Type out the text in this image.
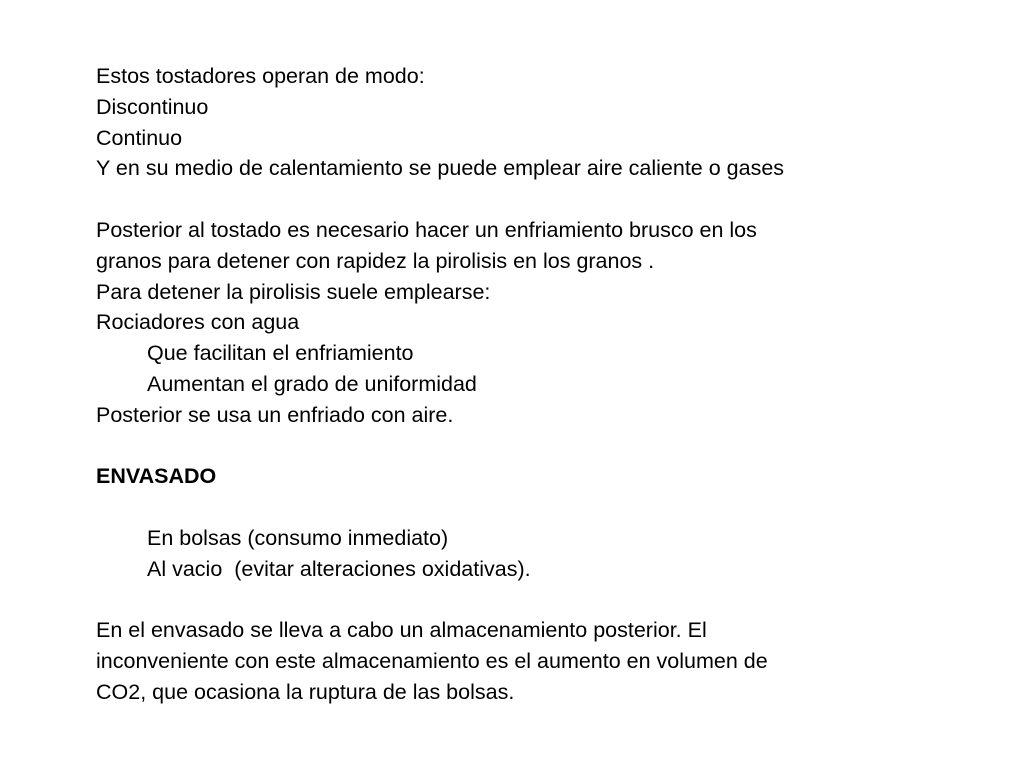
Estos tostadores operan de modo:
Discontinuo
Continuo
Y en su medio de calentamiento se puede emplear aire caliente o gases
Posterior al tostado es necesario hacer un enfriamiento brusco en los
granos para detener con rapidez la pirolisis en los granos .
Para detener la pirolisis suele emplearse:
Rociadores con agua
Que facilitan el enfriamiento
Aumentan el grado de uniformidad
Posterior se usa un enfriado con aire.
ENVASADO
En bolsas (consumo inmediato)
Al vacio  (evitar alteraciones oxidativas).
En el envasado se lleva a cabo un almacenamiento posterior. El
inconveniente con este almacenamiento es el aumento en volumen de
CO2, que ocasiona la ruptura de las bolsas.
